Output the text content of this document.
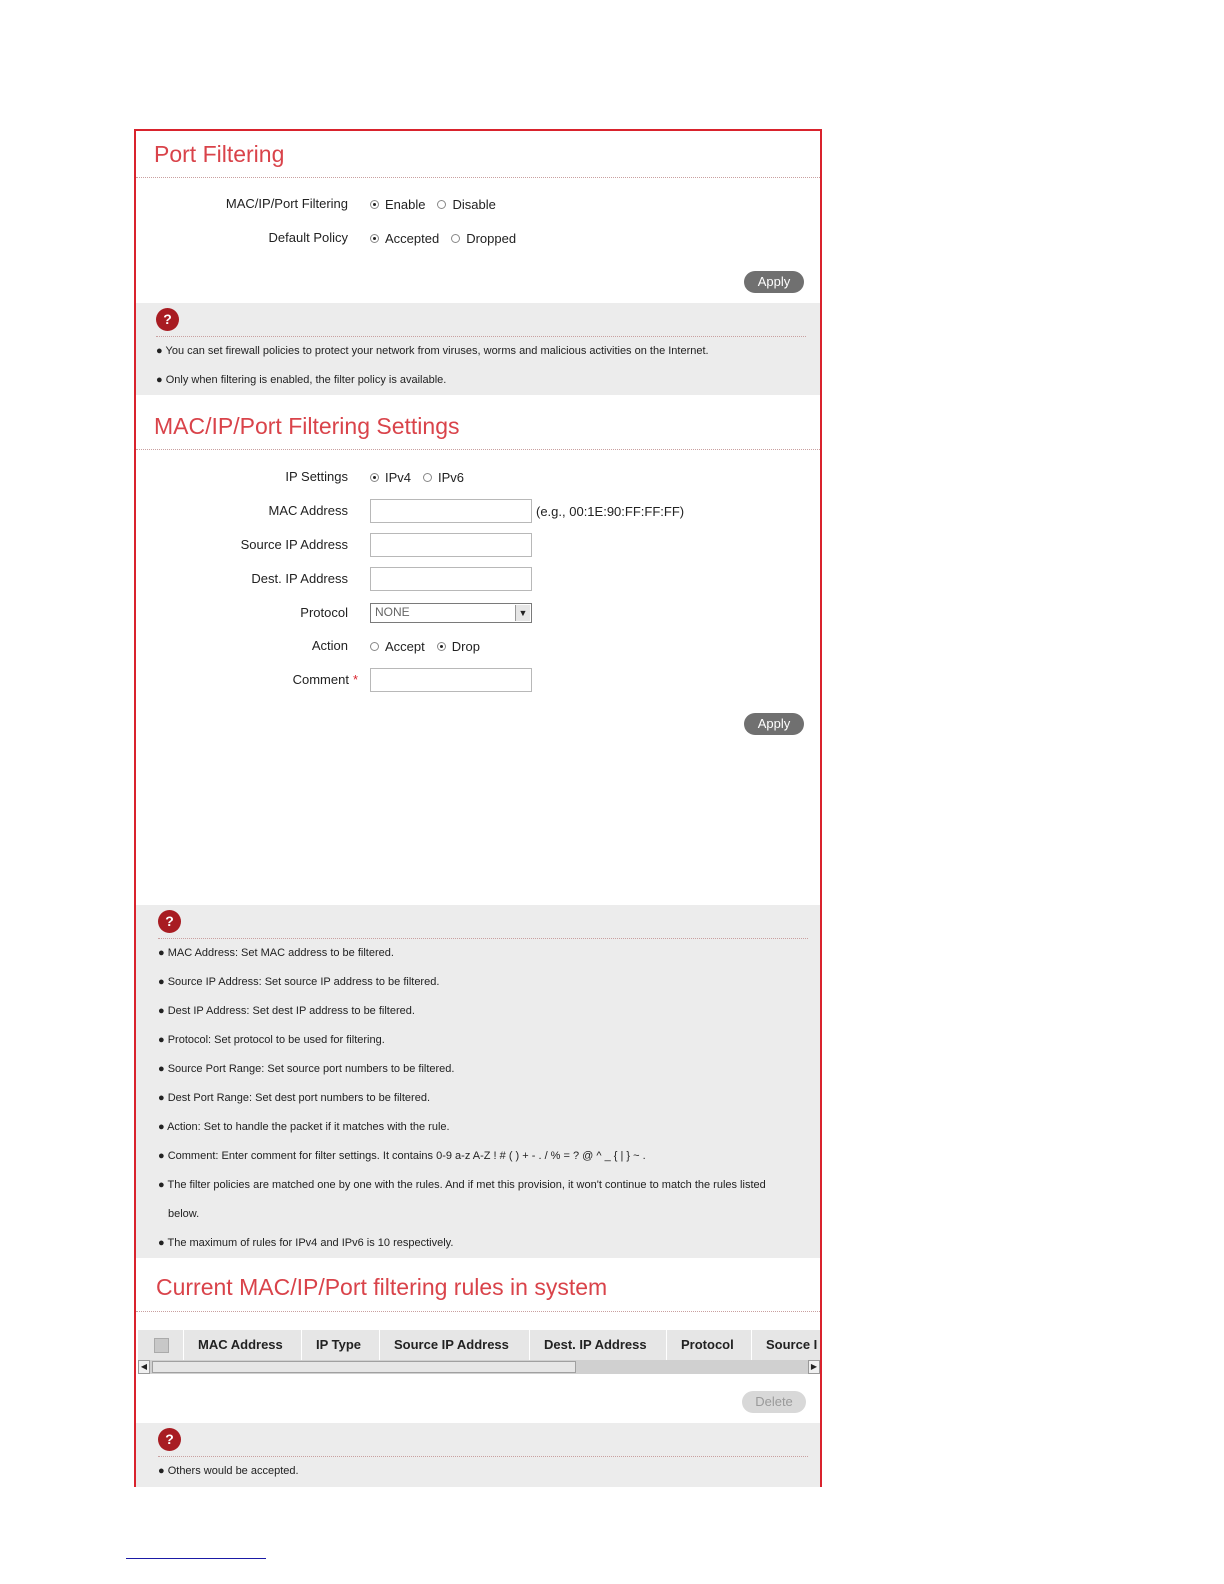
Port Filtering
MAC/IP/Port Filtering	Enable Disable
Default Policy	Accepted Dropped
Apply
?
● You can set firewall policies to protect your network from viruses, worms and malicious activities on the Internet.
● Only when filtering is enabled, the filter policy is available.
MAC/IP/Port Filtering Settings
IP Settings	IPv4 IPv6
MAC Address	(e.g., 00:1E:90:FF:FF:FF)
Source IP Address
Dest. IP Address
Protocol	NONE	▼
Action	Accept Drop
Comment *
Apply
?
● MAC Address: Set MAC address to be filtered.
● Source IP Address: Set source IP address to be filtered.
● Dest IP Address: Set dest IP address to be filtered.
● Protocol: Set protocol to be used for filtering.
● Source Port Range: Set source port numbers to be filtered.
● Dest Port Range: Set dest port numbers to be filtered.
● Action: Set to handle the packet if it matches with the rule.
● Comment: Enter comment for filter settings. It contains 0-9 a-z A-Z ! # ( ) + - . / % = ? @ ^ _ { | } ~ .
● The filter policies are matched one by one with the rules. And if met this provision, it won't continue to match the rules listed
below.
● The maximum of rules for IPv4 and IPv6 is 10 respectively.
Current MAC/IP/Port filtering rules in system
MAC Address	IP Type	Source IP Address	Dest. IP Address	Protocol	Source I
◀	▶
Delete
?
● Others would be accepted.
